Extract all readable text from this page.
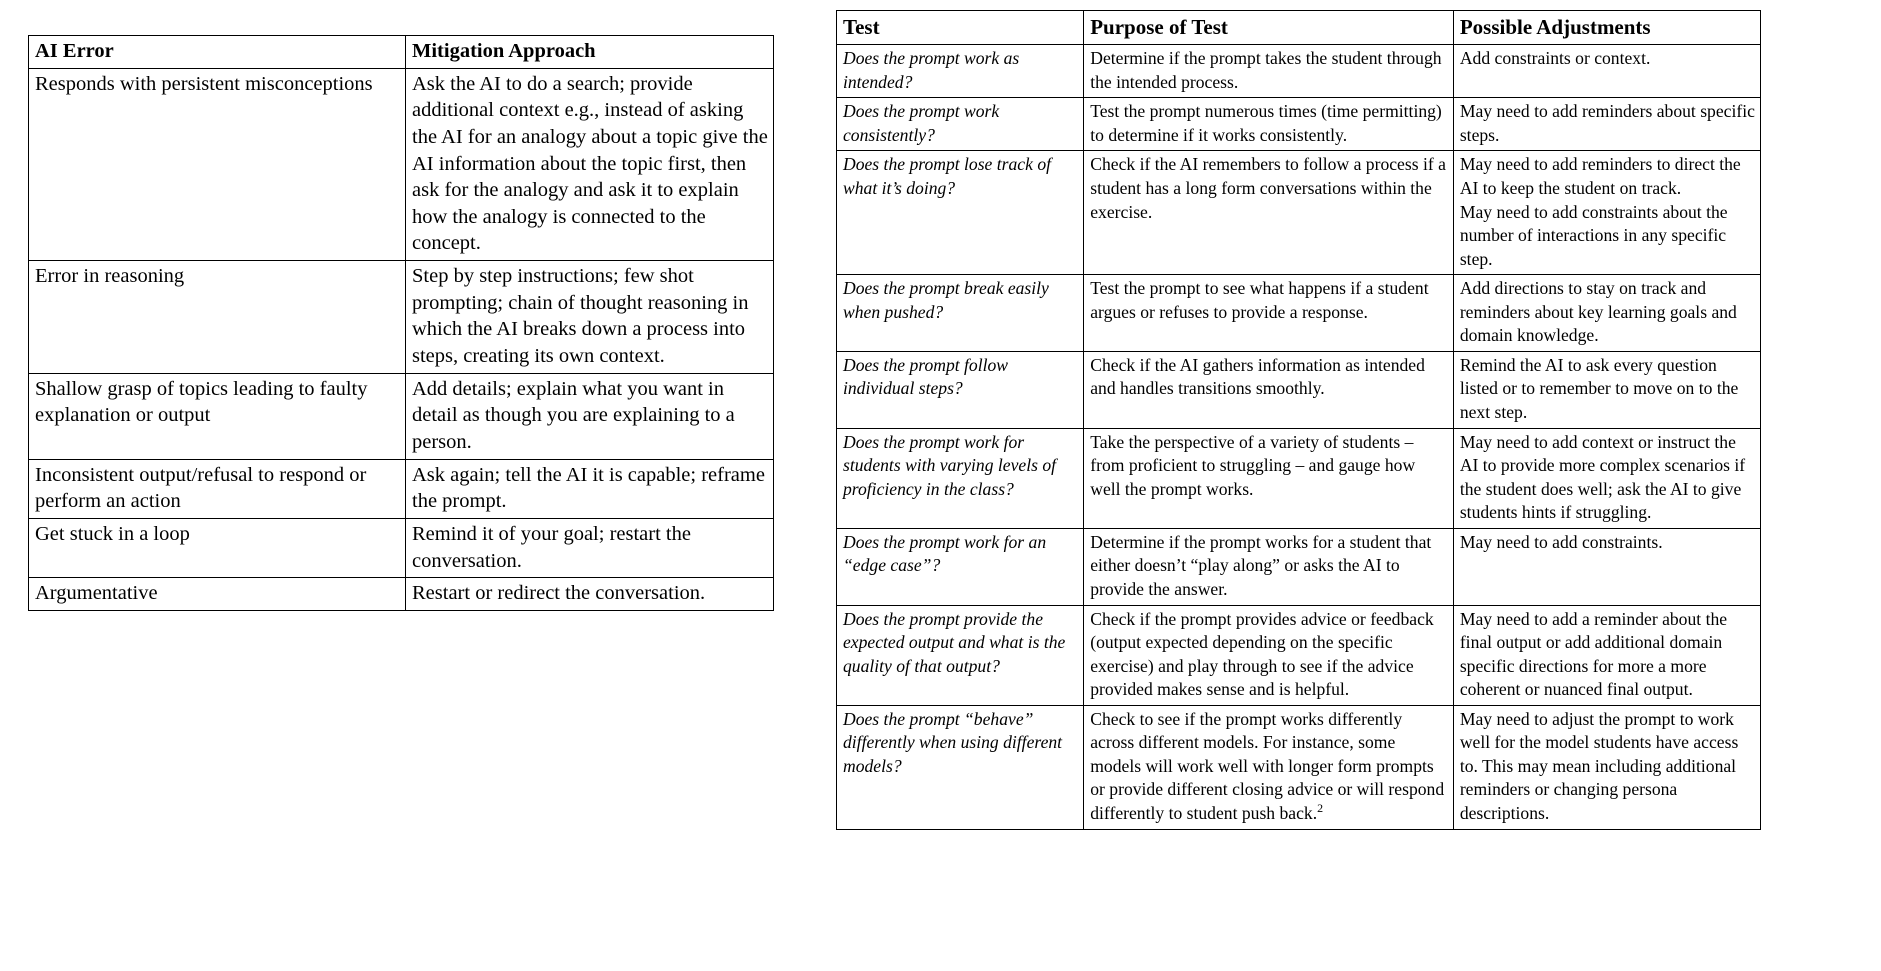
AI Error	Mitigation Approach
Responds with persistent misconceptions	Ask the AI to do a search; provide additional context e.g., instead of asking the AI for an analogy about a topic give the AI information about the topic first, then ask for the analogy and ask it to explain how the analogy is connected to the concept.
Error in reasoning	Step by step instructions; few shot prompting; chain of thought reasoning in which the AI breaks down a process into steps, creating its own context.
Shallow grasp of topics leading to faulty explanation or output	Add details; explain what you want in detail as though you are explaining to a person.
Inconsistent output/refusal to respond or perform an action	Ask again; tell the AI it is capable; reframe the prompt.
Get stuck in a loop	Remind it of your goal; restart the conversation.
Argumentative	Restart or redirect the conversation.
Test	Purpose of Test	Possible Adjustments
Does the prompt work as intended?	Determine if the prompt takes the student through the intended process.	Add constraints or context.
Does the prompt work consistently?	Test the prompt numerous times (time permitting) to determine if it works consistently.	May need to add reminders about specific steps.
Does the prompt lose track of what it’s doing?	Check if the AI remembers to follow a process if a student has a long form conversations within the exercise.	May need to add reminders to direct the AI to keep the student on track.
May need to add constraints about the number of interactions in any specific step.
Does the prompt break easily when pushed?	Test the prompt to see what happens if a student argues or refuses to provide a response.	Add directions to stay on track and reminders about key learning goals and domain knowledge.
Does the prompt follow individual steps?	Check if the AI gathers information as intended and handles transitions smoothly.	Remind the AI to ask every question listed or to remember to move on to the next step.
Does the prompt work for students with varying levels of proficiency in the class?	Take the perspective of a variety of students – from proficient to struggling – and gauge how well the prompt works.	May need to add context or instruct the AI to provide more complex scenarios if the student does well; ask the AI to give students hints if struggling.
Does the prompt work for an “edge case”?	Determine if the prompt works for a student that either doesn’t “play along” or asks the AI to provide the answer.	May need to add constraints.
Does the prompt provide the expected output and what is the quality of that output?	Check if the prompt provides advice or feedback (output expected depending on the specific exercise) and play through to see if the advice provided makes sense and is helpful.	May need to add a reminder about the final output or add additional domain specific directions for more a more coherent or nuanced final output.
Does the prompt “behave” differently when using different models?	Check to see if the prompt works differently across different models. For instance, some models will work well with longer form prompts or provide different closing advice or will respond differently to student push back.$^2$	May need to adjust the prompt to work well for the model students have access to. This may mean including additional reminders or changing persona descriptions.
